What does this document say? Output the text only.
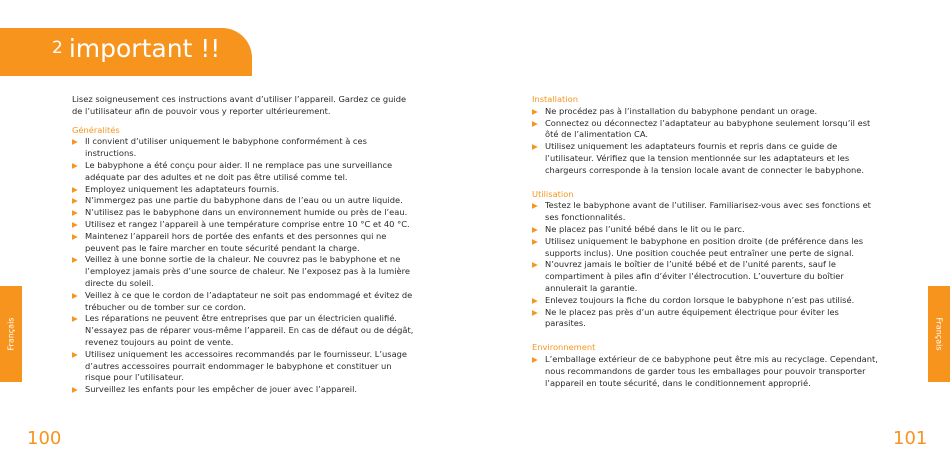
2 important !!

Lisez soigneusement ces instructions avant d’utiliser l’appareil. Gardez ce guide de l’utilisateur afin de pouvoir vous y reporter ultérieurement.

Généralités

▶ Il convient d’utiliser uniquement le babyphone conformément à ces instructions.
▶ Le babyphone a été conçu pour aider. Il ne remplace pas une surveillance adéquate par des adultes et ne doit pas être utilisé comme tel.
▶ Employez uniquement les adaptateurs fournis.
▶ N’immergez pas une partie du babyphone dans de l’eau ou un autre liquide.
▶ N’utilisez pas le babyphone dans un environnement humide ou près de l’eau.
▶ Utilisez et rangez l’appareil à une température comprise entre 10 °C et 40 °C.
▶ Maintenez l’appareil hors de portée des enfants et des personnes qui ne peuvent pas le faire marcher en toute sécurité pendant la charge.
▶ Veillez à une bonne sortie de la chaleur. Ne couvrez pas le babyphone et ne l’employez jamais près d’une source de chaleur. Ne l’exposez pas à la lumière directe du soleil.
▶ Veillez à ce que le cordon de l’adaptateur ne soit pas endommagé et évitez de trébucher ou de tomber sur ce cordon.
▶ Les réparations ne peuvent être entreprises que par un électricien qualifié. N’essayez pas de réparer vous-même l’appareil. En cas de défaut ou de dégât, revenez toujours au point de vente.
▶ Utilisez uniquement les accessoires recommandés par le fournisseur. L’usage d’autres accessoires pourrait endommager le babyphone et constituer un risque pour l’utilisateur.
▶ Surveillez les enfants pour les empêcher de jouer avec l’appareil.

Installation

▶ Ne procédez pas à l’installation du babyphone pendant un orage.
▶ Connectez ou déconnectez l’adaptateur au babyphone seulement lorsqu’il est ôté de l’alimentation CA.
▶ Utilisez uniquement les adaptateurs fournis et repris dans ce guide de l’utilisateur. Vérifiez que la tension mentionnée sur les adaptateurs et les chargeurs corresponde à la tension locale avant de connecter le babyphone.

Utilisation

▶ Testez le babyphone avant de l’utiliser. Familiarisez-vous avec ses fonctions et ses fonctionnalités.
▶ Ne placez pas l’unité bébé dans le lit ou le parc.
▶ Utilisez uniquement le babyphone en position droite (de préférence dans les supports inclus). Une position couchée peut entraîner une perte de signal.
▶ N’ouvrez jamais le boîtier de l’unité bébé et de l’unité parents, sauf le compartiment à piles afin d’éviter l’électrocution. L’ouverture du boîtier annulerait la garantie.
▶ Enlevez toujours la fiche du cordon lorsque le babyphone n’est pas utilisé.
▶ Ne le placez pas près d’un autre équipement électrique pour éviter les parasites.

Environnement

▶ L’emballage extérieur de ce babyphone peut être mis au recyclage. Cependant, nous recommandons de garder tous les emballages pour pouvoir transporter l’appareil en toute sécurité, dans le conditionnement approprié.
Français	Français
100	101
